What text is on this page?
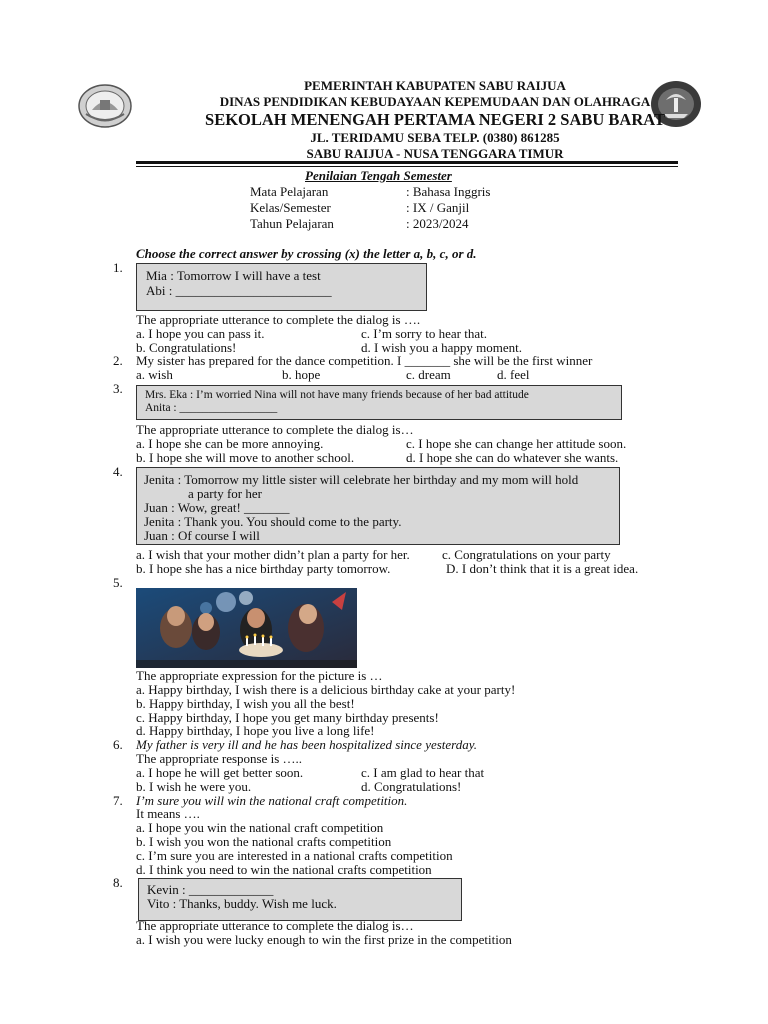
PEMERINTAH KABUPATEN SABU RAIJUA
DINAS PENDIDIKAN KEBUDAYAAN KEPEMUDAAN DAN OLAHRAGA
SEKOLAH MENENGAH PERTAMA NEGERI 2 SABU BARAT
JL. TERIDAMU SEBA TELP. (0380) 861285
SABU RAIJUA - NUSA TENGGARA TIMUR
Penilaian Tengah Semester
Mata Pelajaran	: Bahasa Inggris
Kelas/Semester	: IX / Ganjil
Tahun Pelajaran	: 2023/2024
Choose the correct answer by crossing (x) the letter a, b, c, or d.
1.
Mia : Tomorrow I will have a test
Abi : ________________________
The appropriate utterance to complete the dialog is ….
a. I hope you can pass it.	c. I’m sorry to hear that.
b. Congratulations!	d. I wish you a happy moment.
2. My sister has prepared for the dance competition. I _______ she will be the first winner
a. wish	b. hope	c. dream	d. feel
3. Mrs. Eka : I’m worried Nina will not have many friends because of her bad attitude
Anita : _________________
The appropriate utterance to complete the dialog is…
a. I hope she can be more annoying.	c. I hope she can change her attitude soon.
b. I hope she will move to another school.	d. I hope she can do whatever she wants.
4.
Jenita : Tomorrow my little sister will celebrate her birthday and my mom will hold
a party for her
Juan : Wow, great! _______
Jenita : Thank you. You should come to the party.
Juan : Of course I will
a. I wish that your mother didn’t plan a party for her. c. Congratulations on your party
b. I hope she has a nice birthday party tomorrow.	D. I don’t think that it is a great idea.
5.
The appropriate expression for the picture is …
a. Happy birthday, I wish there is a delicious birthday cake at your party!
b. Happy birthday, I wish you all the best!
c. Happy birthday, I hope you get many birthday presents!
d. Happy birthday, I hope you live a long life!
6. My father is very ill and he has been hospitalized since yesterday.
The appropriate response is …..
a. I hope he will get better soon.	c. I am glad to hear that
b. I wish he were you.	d. Congratulations!
7. I’m sure you will win the national craft competition.
It means ….
a. I hope you win the national craft competition
b. I wish you won the national crafts competition
c. I’m sure you are interested in a national crafts competition
d. I think you need to win the national crafts competition
8. Kevin : _____________
Vito : Thanks, buddy. Wish me luck.
The appropriate utterance to complete the dialog is…
a. I wish you were lucky enough to win the first prize in the competition
